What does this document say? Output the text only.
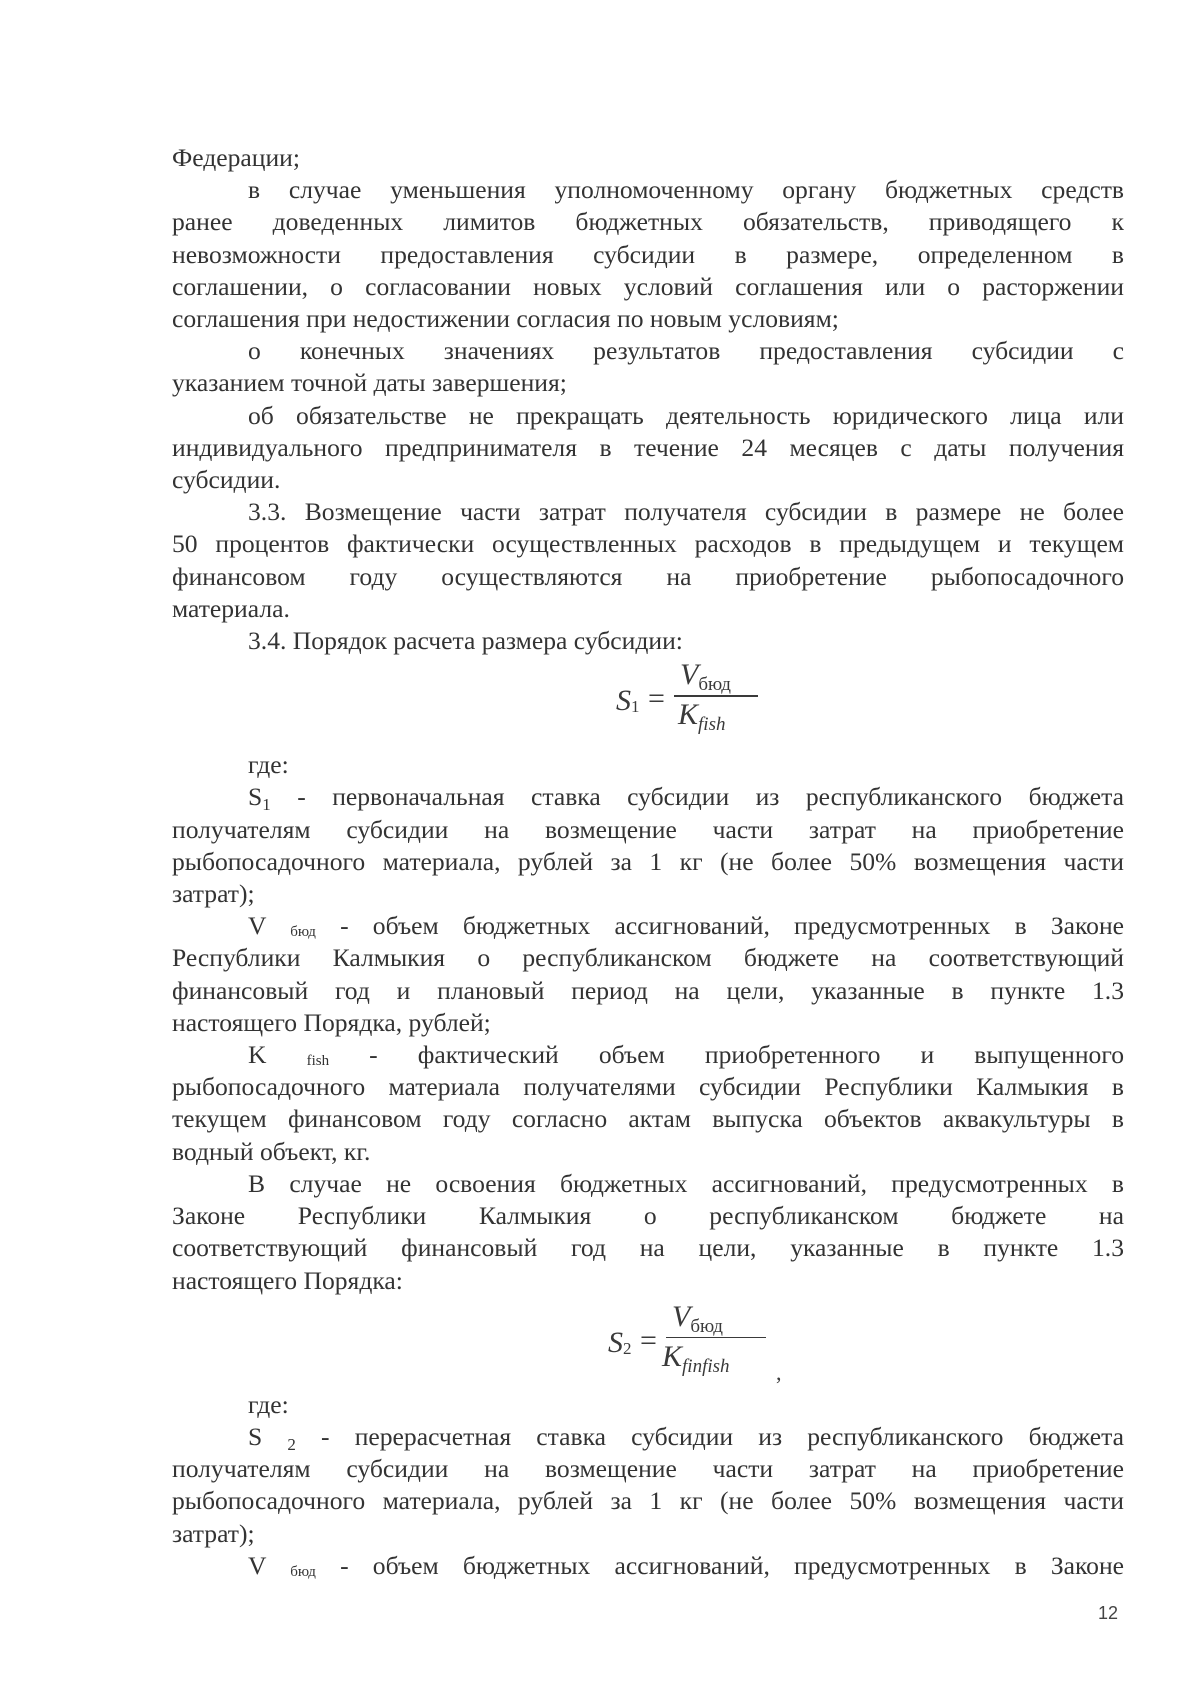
Федерации;
в случае уменьшения уполномоченному органу бюджетных средств
ранее доведенных лимитов бюджетных обязательств, приводящего к
невозможности предоставления субсидии в размере, определенном в
соглашении, о согласовании новых условий соглашения или о расторжении
соглашения при недостижении согласия по новым условиям;
о конечных значениях результатов предоставления субсидии с
указанием точной даты завершения;
об обязательстве не прекращать деятельность юридического лица или
индивидуального предпринимателя в течение 24 месяцев с даты получения
субсидии.
3.3. Возмещение части затрат получателя субсидии в размере не более
50 процентов фактически осуществленных расходов в предыдущем и текущем
финансовом году осуществляются на приобретение рыбопосадочного
материала.
3.4. Порядок расчета размера субсидии:
$S_1$ =
$V_{бюд}$
$K_{fish}$
где:
$S_1$ - первоначальная ставка субсидии из республиканского бюджета
получателям субсидии на возмещение части затрат на приобретение
рыбопосадочного материала, рублей за 1 кг (не более 50% возмещения части
затрат);
V $_{бюд}$ - объем бюджетных ассигнований, предусмотренных в Законе
Республики Калмыкия о республиканском бюджете на соответствующий
финансовый год и плановый период на цели, указанные в пункте 1.3
настоящего Порядка, рублей;
K	$_{fish}$ - фактический объем приобретенного и выпущенного
рыбопосадочного материала получателями субсидии Республики Калмыкия в
текущем финансовом году согласно актам выпуска объектов аквакультуры в
водный объект, кг.
В случае не освоения бюджетных ассигнований, предусмотренных в
Законе Республики Калмыкия о республиканском бюджете на
соответствующий финансовый год на цели, указанные в пункте 1.3
настоящего Порядка:
$S_2$ =
$V_{бюд}$
$K_{finfish}$ ,
где:
S $_2$ - перерасчетная ставка субсидии из республиканского бюджета
получателям субсидии на возмещение части затрат на приобретение
рыбопосадочного материала, рублей за 1 кг (не более 50% возмещения части
затрат);
V $_{бюд}$ - объем бюджетных ассигнований, предусмотренных в Законе
12
